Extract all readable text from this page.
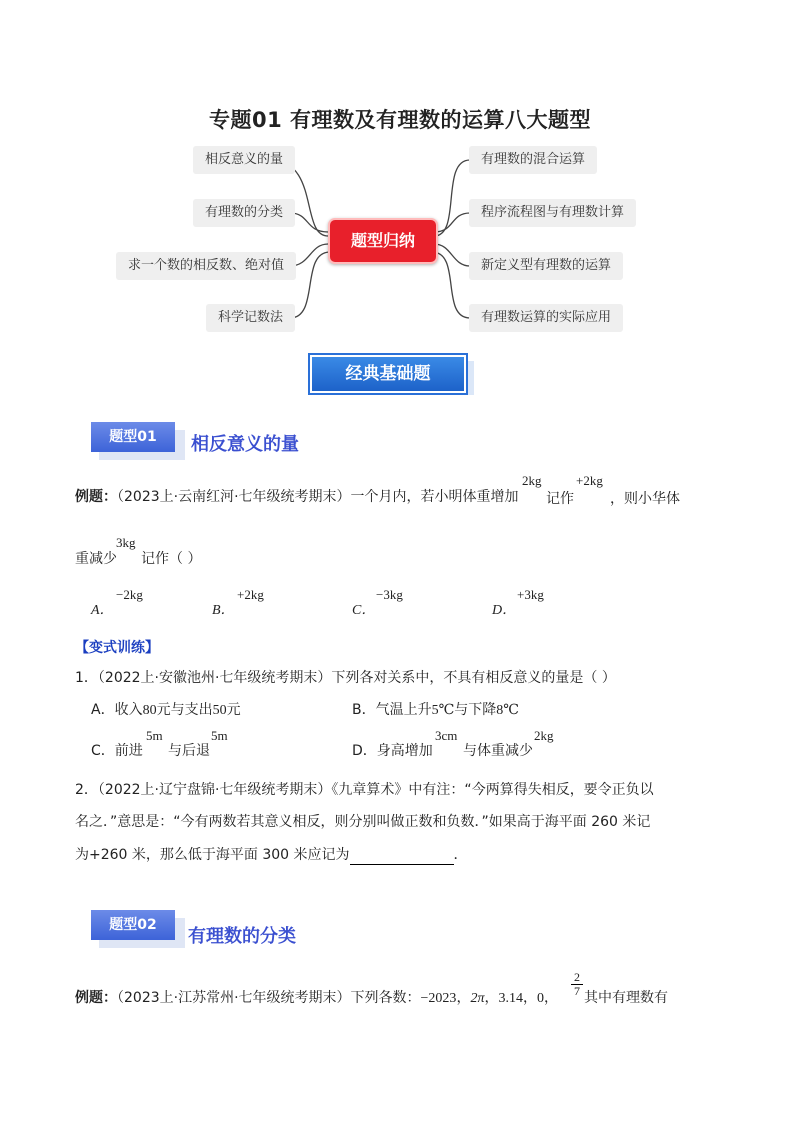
专题01 有理数及有理数的运算八大题型
相反意义的量
有理数的分类
求一个数的相反数、绝对值
科学记数法
题型归纳
有理数的混合运算
程序流程图与有理数计算
新定义型有理数的运算
有理数运算的实际应用
经典基础题
题型01	相反意义的量
例题：（2023上·云南红河·七年级统考期末）一个月内，若小明体重增加
2kg
记作
+2kg
，则小华体
重减少
3kg
记作（ ）
A．
−2kg
B．
+2kg
C．
−3kg
D．
+3kg
【变式训练】
1．（2022上·安徽池州·七年级统考期末）下列各对关系中，不具有相反意义的量是（ ）
A．收入80元与支出50元	B．气温上升5℃与下降8℃
C．前进
5m
与后退
5m
D．身高增加
3cm
与体重减少
2kg
2．（2022上·辽宁盘锦·七年级统考期末）《九章算术》中有注：“今两算得失相反，要令正负以
名之．”意思是：“今有两数若其意义相反，则分别叫做正数和负数．”如果高于海平面 260 米记
为+260 米，那么低于海平面 300 米应记为	．
题型02
有理数的分类
例题：（2023上·江苏常州·七年级统考期末）下列各数：−2023，2π，3.14，0，
$\frac{2}{7}$ 其中有理数有
